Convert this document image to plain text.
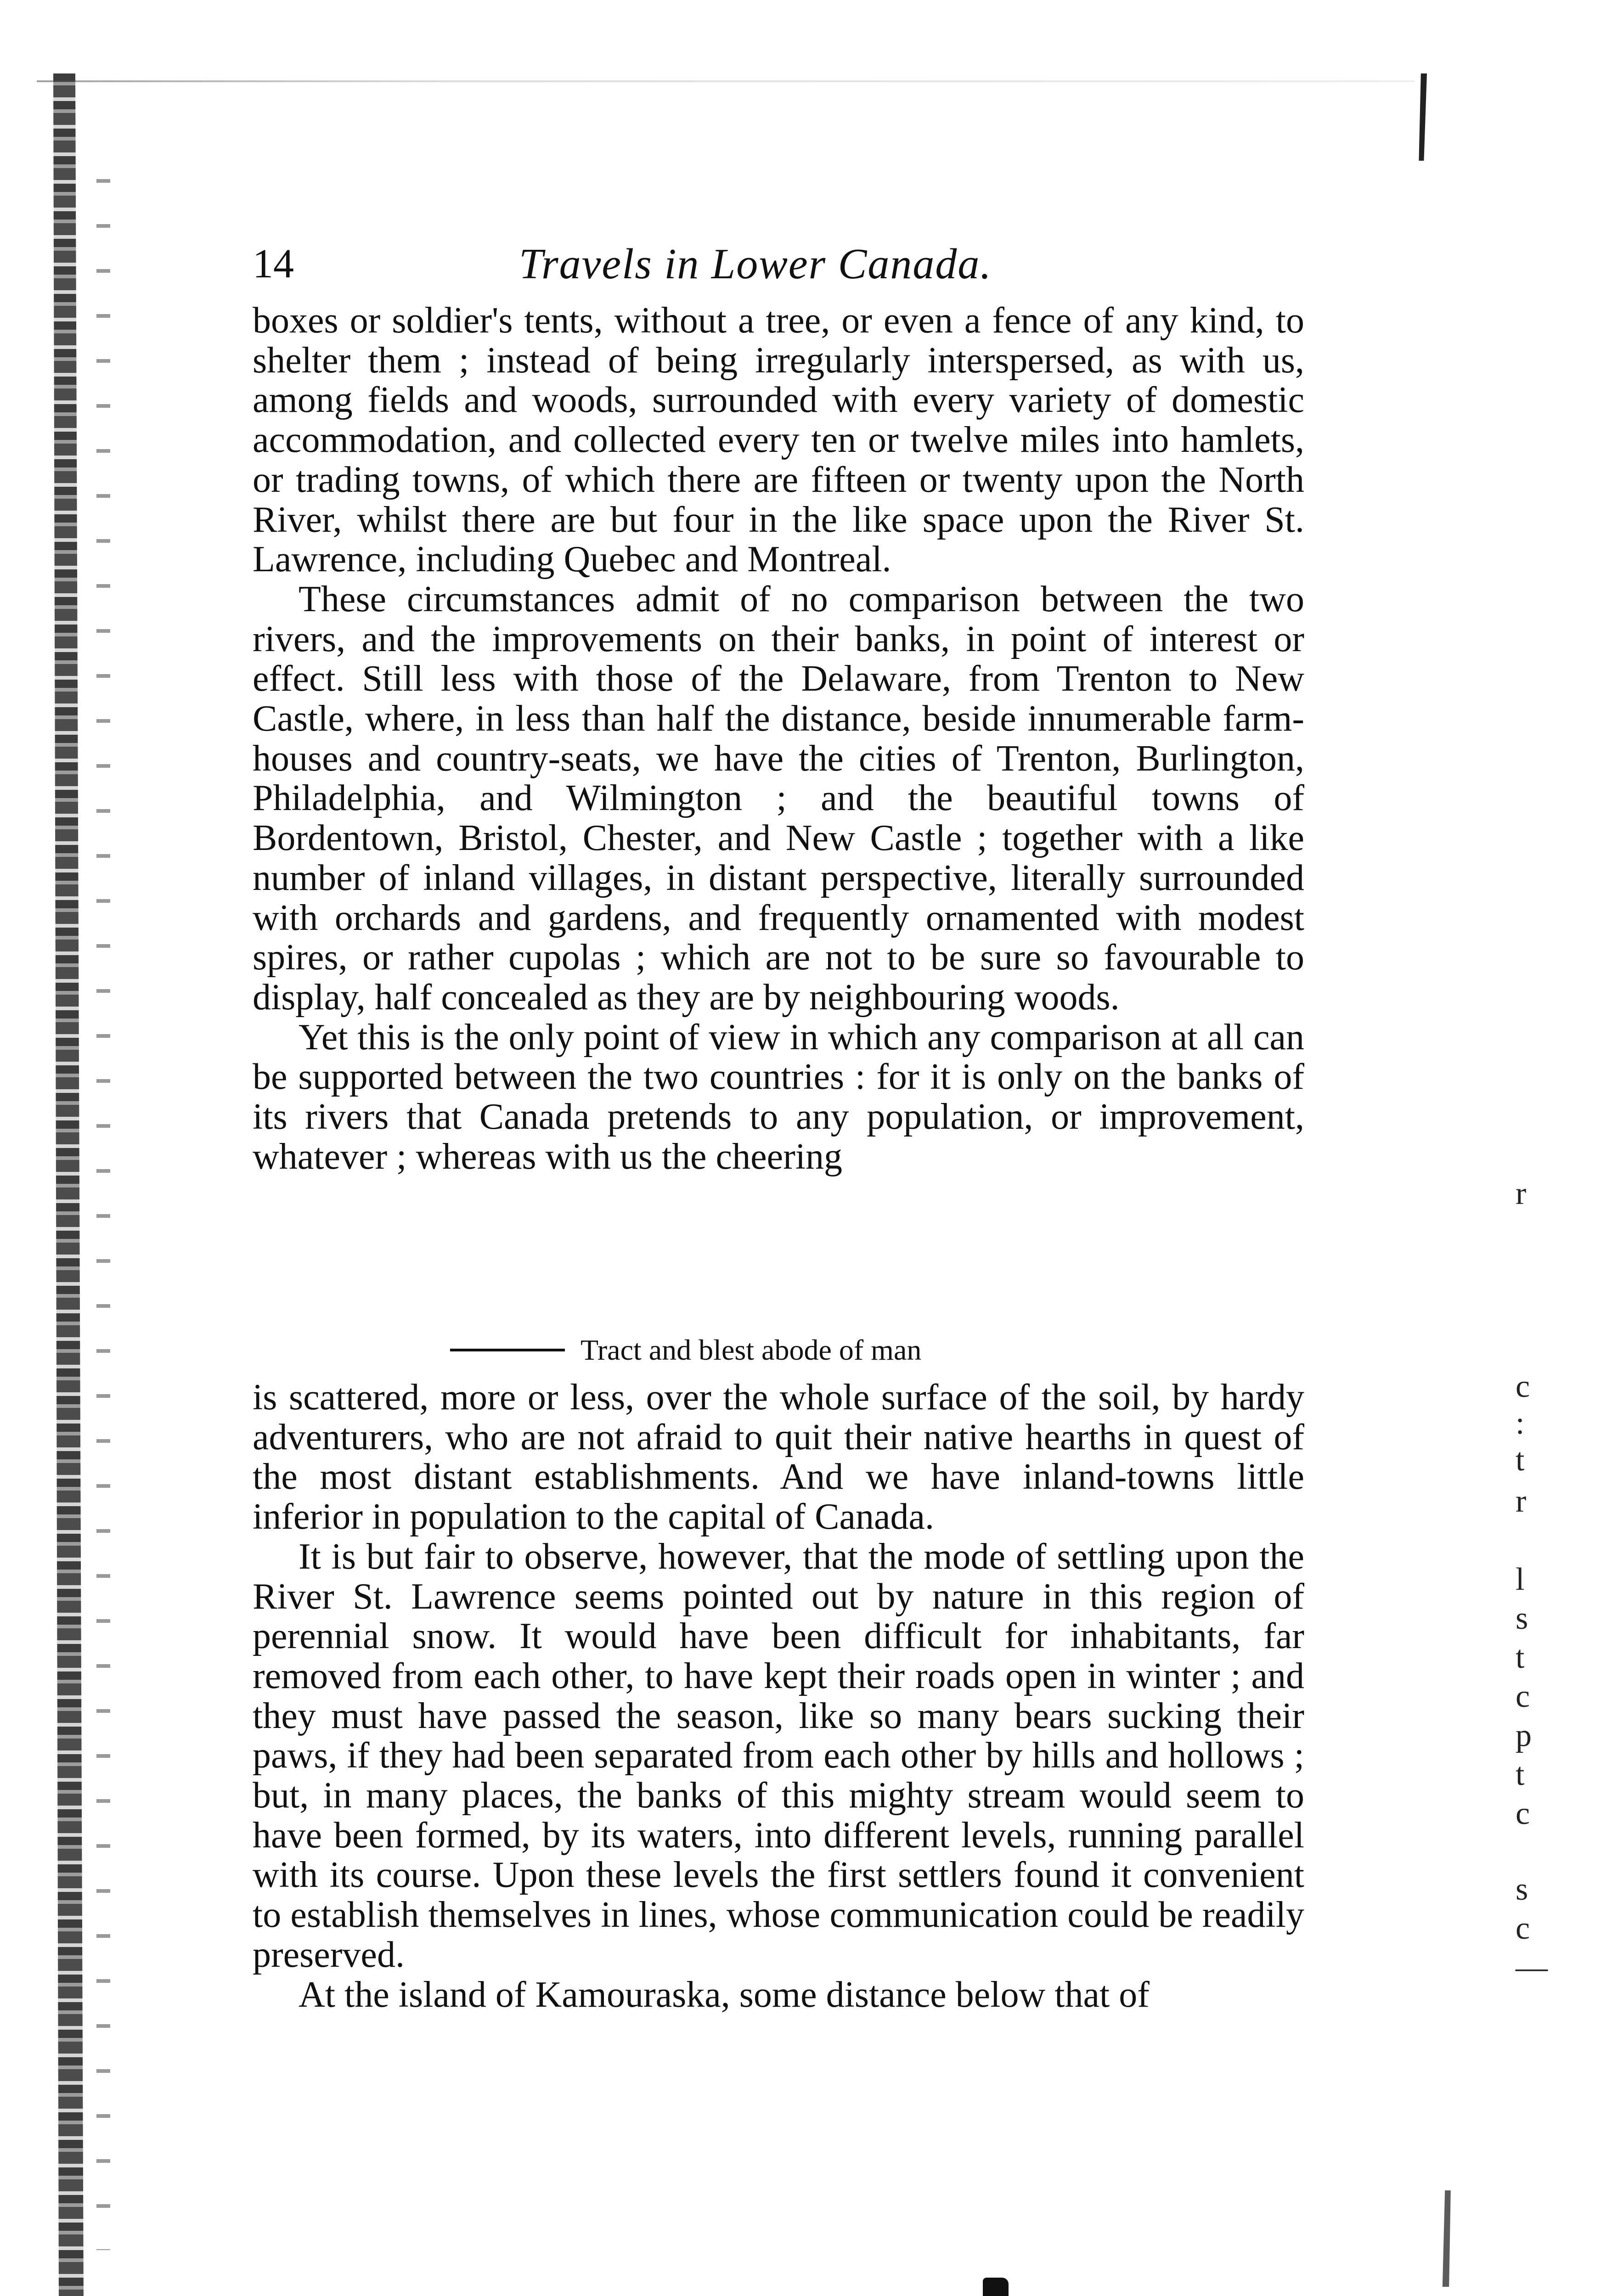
r
c
:
t
r
l
s
t
c
p
t
c
s
c
—
14	Travels in Lower Canada.

boxes or soldier's tents, without a tree, or even a fence of any kind, to shelter them ; instead of being irregularly interspersed, as with us, among fields and woods, surrounded with every variety of domestic accommodation, and collected every ten or twelve miles into hamlets, or trading towns, of which there are fifteen or twenty upon the North River, whilst there are but four in the like space upon the River St. Lawrence, including Quebec and Montreal.

These circumstances admit of no comparison between the two rivers, and the improvements on their banks, in point of interest or effect. Still less with those of the Delaware, from Trenton to New Castle, where, in less than half the distance, beside innumerable farm-houses and country-seats, we have the cities of Trenton, Burlington, Philadelphia, and Wilmington ; and the beautiful towns of Bordentown, Bristol, Chester, and New Castle ; together with a like number of inland villages, in distant perspective, literally surrounded with orchards and gardens, and frequently ornamented with modest spires, or rather cupolas ; which are not to be sure so favourable to display, half concealed as they are by neighbouring woods.

Yet this is the only point of view in which any comparison at all can be supported between the two countries : for it is only on the banks of its rivers that Canada pretends to any population, or improvement, whatever ; whereas with us the cheering

Tract and blest abode of man

is scattered, more or less, over the whole surface of the soil, by hardy adventurers, who are not afraid to quit their native hearths in quest of the most distant establishments. And we have inland-towns little inferior in population to the capital of Canada.

It is but fair to observe, however, that the mode of settling upon the River St. Lawrence seems pointed out by nature in this region of perennial snow. It would have been difficult for inhabitants, far removed from each other, to have kept their roads open in winter ; and they must have passed the season, like so many bears sucking their paws, if they had been separated from each other by hills and hollows ; but, in many places, the banks of this mighty stream would seem to have been formed, by its waters, into different levels, running parallel with its course. Upon these levels the first settlers found it convenient to establish themselves in lines, whose communication could be readily preserved.

At the island of Kamouraska, some distance below that of
